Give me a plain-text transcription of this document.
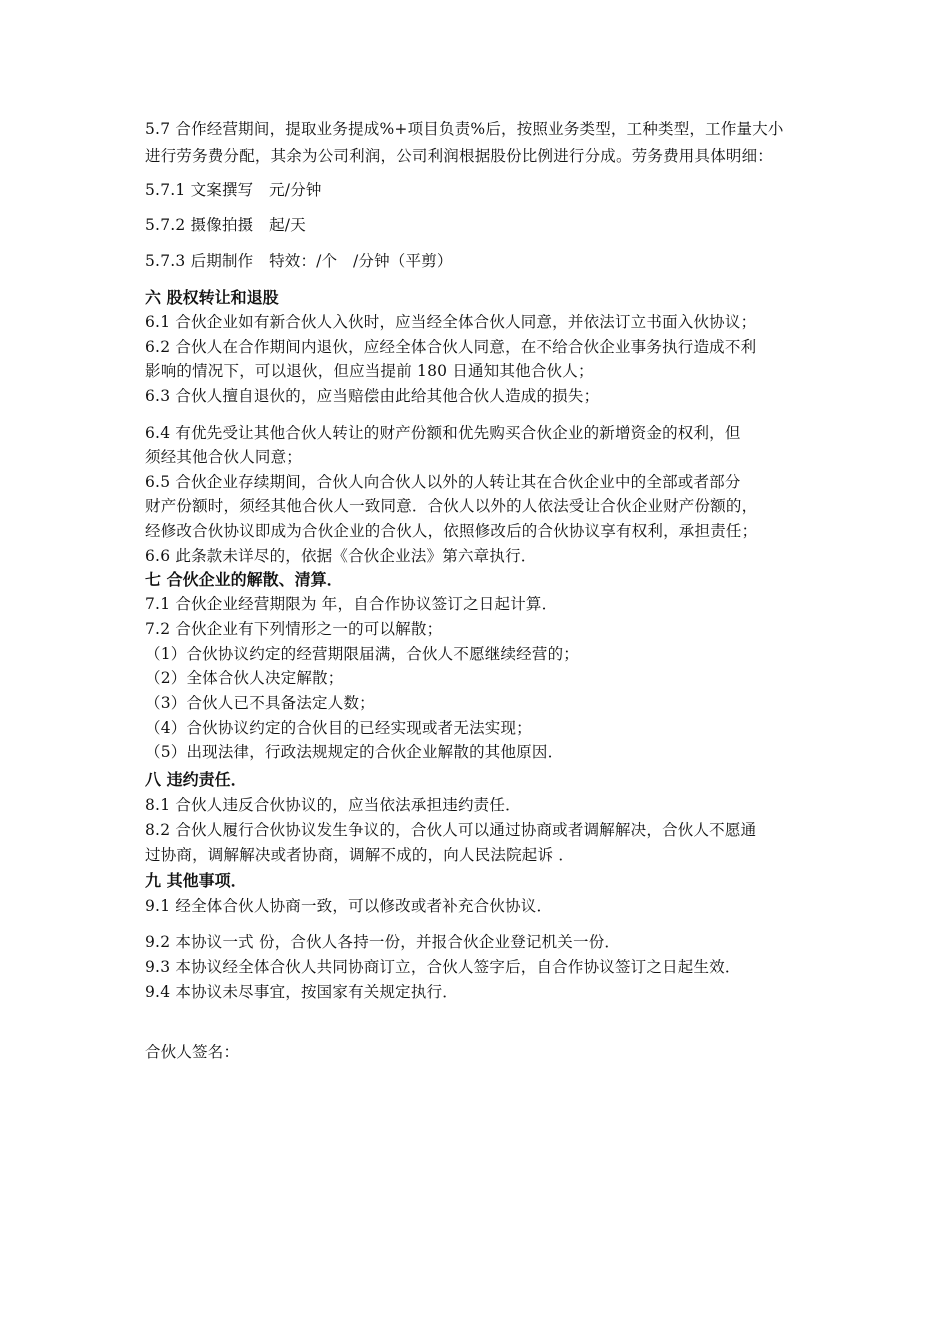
5.7 合作经营期间，提取业务提成%+项目负责%后，按照业务类型，工种类型，工作量大小
进行劳务费分配，其余为公司利润，公司利润根据股份比例进行分成。劳务费用具体明细：
5.7.1 文案撰写　元/分钟
5.7.2 摄像拍摄　起/天
5.7.3 后期制作　特效：/个　/分钟（平剪）
六 股权转让和退股
6.1 合伙企业如有新合伙人入伙时，应当经全体合伙人同意，并依法订立书面入伙协议；
6.2 合伙人在合作期间内退伙，应经全体合伙人同意，在不给合伙企业事务执行造成不利
影响的情况下，可以退伙，但应当提前 180 日通知其他合伙人；
6.3 合伙人擅自退伙的，应当赔偿由此给其他合伙人造成的损失；
6.4 有优先受让其他合伙人转让的财产份额和优先购买合伙企业的新增资金的权利，但
须经其他合伙人同意；
6.5 合伙企业存续期间，合伙人向合伙人以外的人转让其在合伙企业中的全部或者部分
财产份额时，须经其他合伙人一致同意．合伙人以外的人依法受让合伙企业财产份额的，
经修改合伙协议即成为合伙企业的合伙人，依照修改后的合伙协议享有权利，承担责任；
6.6 此条款未详尽的，依据《合伙企业法》第六章执行．
七 合伙企业的解散、清算．
7.1 合伙企业经营期限为 年，自合作协议签订之日起计算．
7.2 合伙企业有下列情形之一的可以解散；
（1）合伙协议约定的经营期限届满，合伙人不愿继续经营的；
（2）全体合伙人决定解散；
（3）合伙人已不具备法定人数；
（4）合伙协议约定的合伙目的已经实现或者无法实现；
（5）出现法律，行政法规规定的合伙企业解散的其他原因．
八 违约责任．
8.1 合伙人违反合伙协议的，应当依法承担违约责任．
8.2 合伙人履行合伙协议发生争议的，合伙人可以通过协商或者调解解决，合伙人不愿通
过协商，调解解决或者协商，调解不成的，向人民法院起诉 ．
九 其他事项．
9.1 经全体合伙人协商一致，可以修改或者补充合伙协议．
9.2 本协议一式 份，合伙人各持一份，并报合伙企业登记机关一份．
9.3 本协议经全体合伙人共同协商订立，合伙人签字后，自合作协议签订之日起生效．
9.4 本协议未尽事宜，按国家有关规定执行．
合伙人签名：
